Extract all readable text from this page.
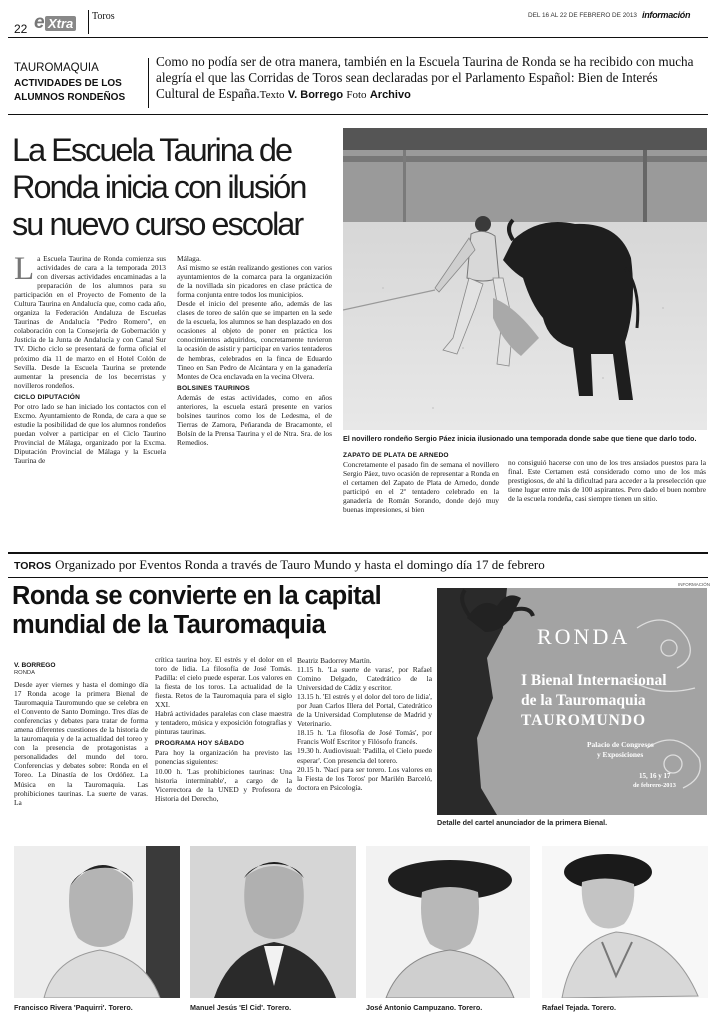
22 e Xtra	Toros	DEL 16 AL 22 DE FEBRERO DE 2013 información
TAUROMAQUIA
ACTIVIDADES DE LOS
ALUMNOS RONDEÑOS
Como no podía ser de otra manera, también en la Escuela Taurina de Ronda se ha recibido con mucha alegría el que las Corridas de Toros sean declaradas por el Parlamento Español: Bien de Interés Cultural de España.Texto V. Borrego Foto Archivo
La Escuela Taurina de Ronda inicia con ilusión su nuevo curso escolar
El novillero rondeño Sergio Páez inicia ilusionado una temporada donde sabe que tiene que darlo todo.
L a Escuela Taurina de Ronda comienza sus actividades de cara a la temporada 2013 con diversas actividades encaminadas a la preparación de los alumnos para su participación en el Proyecto de Fomento de la Cultura Taurina en Andalucía que, como cada año, organiza la Federación Andaluza de Escuelas Taurinas de Andalucía "Pedro Romero", en colaboración con la Consejería de Gobernación y Justicia de la Junta de Andalucía y con Canal Sur TV. Dicho ciclo se presentará de forma oficial el próximo día 11 de marzo en el Hotel Colón de Sevilla. Desde la Escuela Taurina se pretende aumentar la presencia de los becerristas y novilleros rondeños.

CICLO DIPUTACIÓN

Por otro lado se han iniciado los contactos con el Excmo. Ayuntamiento de Ronda, de cara a que se estudie la posibilidad de que los alumnos rondeños puedan volver a participar en el Ciclo Taurino Provincial de Málaga, organizado por la Excma. Diputación Provincial de Málaga y la Escuela Taurina de

Málaga.
Así mismo se están realizando gestiones con varios ayuntamientos de la comarca para la organización de la novillada sin picadores en clase práctica de forma conjunta entre todos los municipios.
Desde el inicio del presente año, además de las clases de toreo de salón que se imparten en la sede de la escuela, los alumnos se han desplazado en dos ocasiones al objeto de poner en práctica los conocimientos adquiridos, concretamente tuvieron la ocasión de asistir y participar en varios tentaderos de hembras, celebrados en la finca de Eduardo Tineo en San Pedro de Alcántara y en la ganadería Montes de Oca enclavada en la vecina Olvera.

BOLSINES TAURINOS

Además de estas actividades, como en años anteriores, la escuela estará presente en varios bolsines taurinos como los de Ledesma, el de Tierras de Zamora, Peñaranda de Bracamonte, el Bolsín de la Prensa Taurina y el de Ntra. Sra. de los Remedios.

ZAPATO DE PLATA DE ARNEDO

Concretamente el pasado fin de semana el novillero Sergio Páez, tuvo ocasión de representar a Ronda en el certamen del Zapato de Plata de Arnedo, donde participó en el 2º tentadero celebrado en la ganadería de Román Sorando, donde dejó muy buenas impresiones, si bien

no consiguió hacerse con uno de los tres ansiados puestos para la final. Este Certamen está considerado como uno de los más prestigiosos, de ahí la dificultad para acceder a la preselección que tiene lugar entre más de 100 aspirantes. Pero dado el buen nombre de la escuela rondeña, casi siempre tienen un sitio.

TOROS Organizado por Eventos Ronda a través de Tauro Mundo y hasta el domingo día 17 de febrero
INFORMACIÓN
Ronda se convierte en la capital mundial de la Tauromaquia
V. BORREGO
RONDA

Desde ayer viernes y hasta el domingo día 17 Ronda acoge la primera Bienal de Tauromaquia Tauromundo que se celebra en el Convento de Santo Domingo. Tres días de conferencias y debates para tratar de forma amena diferentes cuestiones de la historia de la tauromaquia y de la actualidad del toreo y con la presencia de protagonistas a personalidades del mundo del toro. Conferencias y debates sobre: Ronda en el Toreo. La Dinastía de los Ordóñez. La Música en la Tauromaquia. Las prohibiciones taurinas. La suerte de varas. La

crítica taurina hoy. El estrés y el dolor en el toro de lidia. La filosofía de José Tomás. Padilla: el cielo puede esperar. Los valores en la fiesta de los toros. La actualidad de la fiesta. Retos de la Tauromaquia para el siglo XXI.
Habrá actividades paralelas con clase maestra y tentadero, música y exposición fotografías y pinturas taurinas.

PROGRAMA HOY SÁBADO

Para hoy la organización ha previsto las ponencias siguientes:
10.00 h. 'Las prohibiciones taurinas: Una historia interminable', a cargo de la Vicerrectora de la UNED y Profesora de Historia del Derecho,

Beatriz Badorrey Martín.
11.15 h. 'La suerte de varas', por Rafael Comino Delgado, Catedrático de la Universidad de Cádiz y escritor.
13.15 h. 'El estrés y el dolor del toro de lidia', por Juan Carlos Illera del Portal, Catedrático de la Universidad Complutense de Madrid y Veterinario.
18.15 h. 'La filosofía de José Tomás', por Francis Wolf Escritor y Filósofo francés.
19.30 h. Audiovisual: 'Padilla, el Cielo puede esperar'. Con presencia del torero.
20.15 h. 'Nací para ser torero. Los valores en la Fiesta de los Toros' por Marilén Barceló, doctora en Psicología.

RONDA
I Bienal Internacional
de la Tauromaquia
TAUROMUNDO
Palacio de Congresos
y Exposiciones
15, 16 y 17
de febrero-2013
Detalle del cartel anunciador de la primera Bienal.
Francisco Rivera 'Paquirri'. Torero.	Manuel Jesús 'El Cid'. Torero.	José Antonio Campuzano. Torero.	Rafael Tejada. Torero.
